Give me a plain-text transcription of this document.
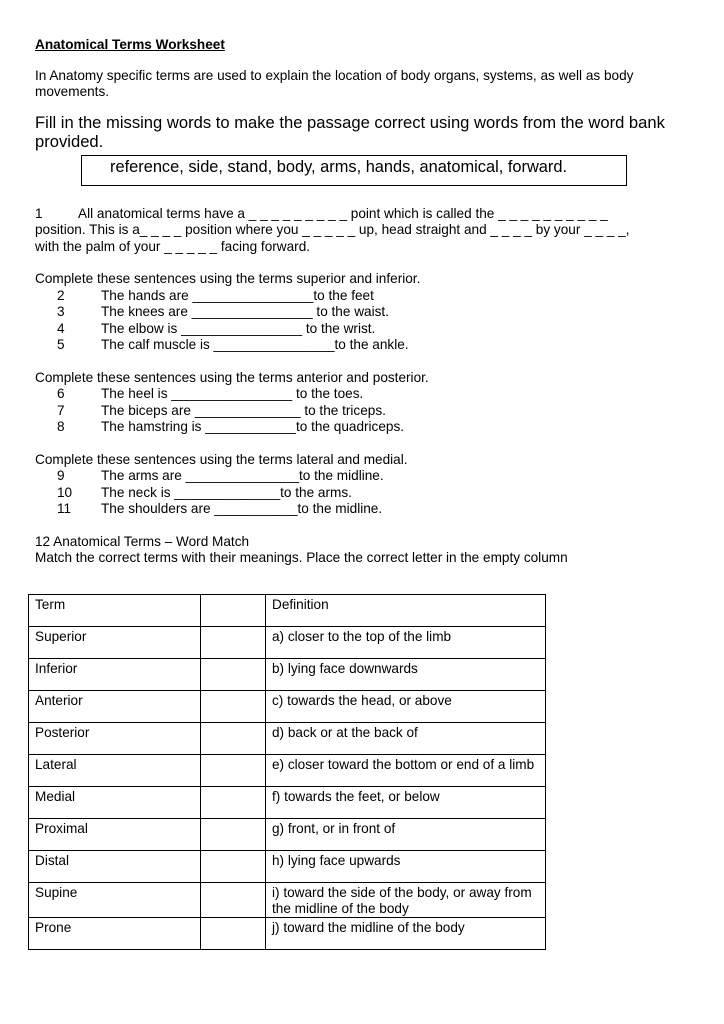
Anatomical Terms Worksheet

In Anatomy specific terms are used to explain the location of body organs, systems, as well as body movements.

Fill in the missing words to make the passage correct using words from the word bank provided.

reference, side, stand, body, arms, hands, anatomical, forward.
1	All anatomical terms have a _ _ _ _ _ _ _ _ _ point which is called the _ _ _ _ _ _ _ _ _ _
position. This is a_ _ _ _ position where you _ _ _ _ _ up, head straight and _ _ _ _ by your _ _ _ _,
with the palm of your _ _ _ _ _ facing forward.
Complete these sentences using the terms superior and inferior.
2	The hands are ________________to the feet
3	The knees are ________________ to the waist.
4	The elbow is ________________ to the wrist.
5	The calf muscle is ________________to the ankle.
Complete these sentences using the terms anterior and posterior.
6	The heel is ________________ to the toes.
7	The biceps are ______________ to the triceps.
8	The hamstring is ____________to the quadriceps.
Complete these sentences using the terms lateral and medial.
9	The arms are _______________to the midline.
10	The neck is ______________to the arms.
11	The shoulders are ___________to the midline.
12 Anatomical Terms – Word Match
Match the correct terms with their meanings. Place the correct letter in the empty column
Term		Definition
Superior		a) closer to the top of the limb
Inferior		b) lying face downwards
Anterior		c) towards the head, or above
Posterior		d) back or at the back of
Lateral		e) closer toward the bottom or end of a limb
Medial		f) towards the feet, or below
Proximal		g) front, or in front of
Distal		h) lying face upwards
Supine		i) toward the side of the body, or away from the midline of the body
Prone		j) toward the midline of the body
